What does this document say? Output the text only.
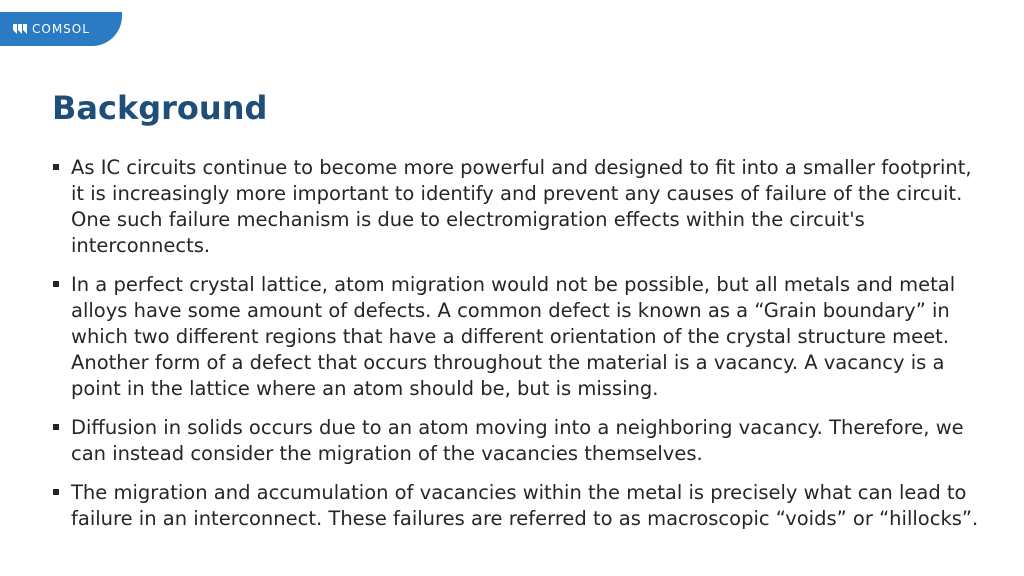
COMSOL
Background
As IC circuits continue to become more powerful and designed to fit into a smaller footprint, it is increasingly more important to identify and prevent any causes of failure of the circuit. One such failure mechanism is due to electromigration effects within the circuit's interconnects.
In a perfect crystal lattice, atom migration would not be possible, but all metals and metal alloys have some amount of defects. A common defect is known as a “Grain boundary” in which two different regions that have a different orientation of the crystal structure meet. Another form of a defect that occurs throughout the material is a vacancy. A vacancy is a point in the lattice where an atom should be, but is missing.
Diffusion in solids occurs due to an atom moving into a neighboring vacancy. Therefore, we can instead consider the migration of the vacancies themselves.
The migration and accumulation of vacancies within the metal is precisely what can lead to failure in an interconnect. These failures are referred to as macroscopic “voids” or “hillocks”.
